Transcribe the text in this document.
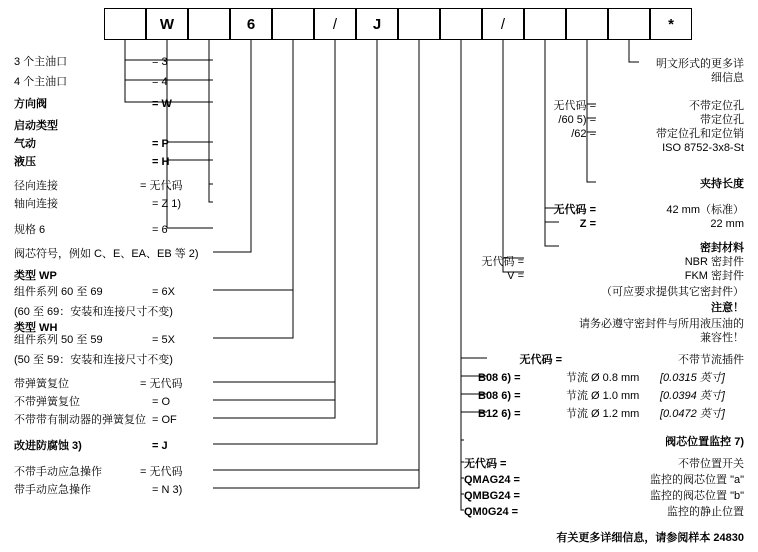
W	6	/	J	/	*
3 个主油口	= 3
4 个主油口	= 4
方向阀	= W
启动类型
气动	= P
液压	= H
径向连接	= 无代码
轴向连接	= Z 1)
规格 6	= 6
阀芯符号，例如 C、E、EA、EB 等 2)
类型 WP
组件系列 60 至 69	= 6X
(60 至 69：安装和连接尺寸不变)
类型 WH
组件系列 50 至 59	= 5X
(50 至 59：安装和连接尺寸不变)
带弹簧复位	= 无代码
不带弹簧复位	= O
不带带有制动器的弹簧复位 = OF
改进防腐蚀 3)	= J
不带手动应急操作	= 无代码
带手动应急操作	= N 3)
明文形式的更多详
细信息
无代码 =	不带定位孔
/60 5) =	带定位孔
/62 =	带定位孔和定位销
ISO 8752-3x8-St
夹持长度
无代码 =	42 mm（标准）
Z =	22 mm
密封材料
无代码 =	NBR 密封件
V =	FKM 密封件
（可应要求提供其它密封件）
注意！
请务必遵守密封件与所用液压油的
兼容性！
无代码 =	不带节流插件
B08 6) =	节流 Ø 0.8 mm [0.0315 英寸]
B08 6) =	节流 Ø 1.0 mm [0.0394 英寸]
B12 6) =	节流 Ø 1.2 mm [0.0472 英寸]
阀芯位置监控 7)
无代码 =	不带位置开关
QMAG24 =	监控的阀芯位置 "a"
QMBG24 =	监控的阀芯位置 "b"
QM0G24 =	监控的静止位置
有关更多详细信息，请参阅样本 24830
